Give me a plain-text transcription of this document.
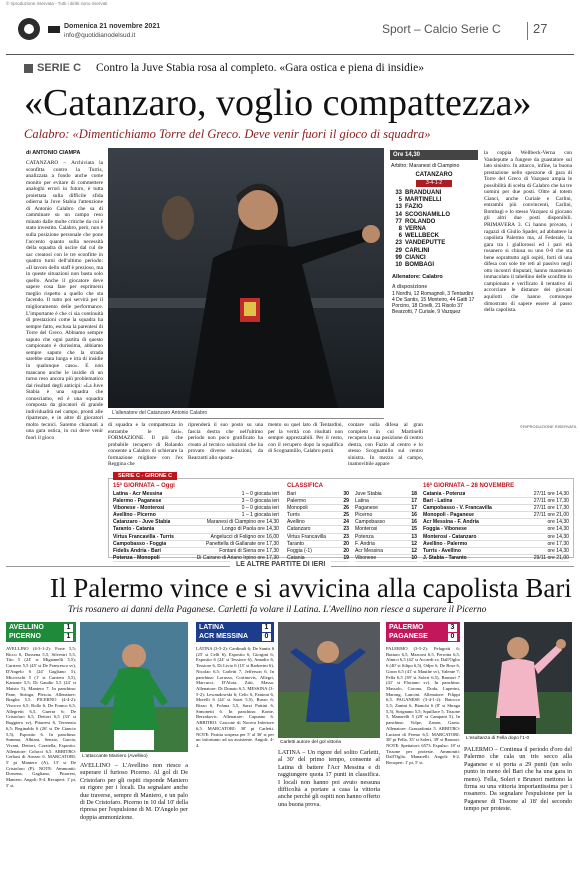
© riproduzione riservata - Tutti i diritti sono riservati
Domenica 21 novembre 2021
info@quotidianodelsud.it	Sport – Calcio Serie C 27
SERIE C Contro la Juve Stabia rosa al completo. «Gara ostica e piena di insidie»
«Catanzaro, voglio compattezza»
Calabro: «Dimentichiamo Torre del Greco. Deve venir fuori il gioco di squadra»
di ANTONIO CIAMPA
CATANZARO – Archiviata la sconfitta contro la Turris, analizzata a fondo anche come monito per evitare di commettere analoghi errori in futuro, è tutta proiettata sulla difficile sfida odierna la Juve Stabia l'attenzione di Antonio Calabro che sa di camminare su un campo reso minato dalle molte critiche da cui è stato investito. Calabro, però, non è sulla posizione personale che pone l'accento quanto sulla necessità della squadra di uscire dal cul de sac creatosi con le tre sconfitte in quattro turni dell'ultimo periodo: «Il lavoro dello staff è prezioso, ma in queste situazioni non basta solo quello. Anche il giocatore deve sapere cosa fare per esprimersi meglio rispetto a quello che sta facendo. Il tutto poi servirà per il miglioramento delle performance. L'importante è che ci sia continuità di prestazioni come la squadra ha sempre fatto, esclusa la parentesi di Torre del Greco. Abbiamo sempre saputo che ogni partita di questo campionato è durissima, abbiamo sempre saputo che la strada sarebbe stata lunga e irta di insidie in qualunque caso». E non mancano anche le insidie di un turno reso ancora più problematico dai risultati degli anticipi: «La Juve Stabia è una squadra che conosciamo, ed è una squadra composta da giocatori di grande individualità nel campo, pronti alle ripartenze, e in altre di giocatori molto tecnici. Saremo chiamati a una gara ostica, in cui deve venir fuori il gioco
L'allenatore del Catanzaro Antonio Calabro
Ore 14,30
Arbitro: Maranesi di Ciampino
CATANZARO
3-4-1-2
33 BRANDUANI
5 MARTINELLI
13 FAZIO
14 SCOGNAMILLO
77 ROLANDO
8 VERNA
6 WELLBECK
23 VANDEPUTTE
29 CARLINI
99 CIANCI
10 BOMBAGI
Allenatore: Calabro
A disposizione
1 Nordhi, 12 Romagnoli, 3 Tentardini 4 De Santis, 15 Monteiro, 44 Gatti 17 Porcino, 18 Cinelli, 21 Risolo 37 Bearzotti, 7 Curiale, 9 Vazquez
la coppia Wellbeck-Verna con Vandeputte a fungere da guastatore sul lato sinistro. In attacco, infine, la buona prestazione nello spezzone di gara di Torre del Greco di Vazquez ampia le possibilità di scelta di Calabro che ha tre uomini per due posti. Oltre al totem Cianci, anche Curiale e Carlini, entrambi più convincenti, Carlini, Bombagi e lo stesso Vazquez si giocano gli altri due posti disponibili. PRIMAVERA 3. Ci hanno provato, i ragazzi di Giulio Spader, ad abbattere la capolista Palermo ma, al Federale, la gara tra i giallorossi ed i pari età rosanero si chiusa su uno 0-0 che sta bene soprattutto agli ospiti, forti di una difesa con sole tre reti al passivo negli otto incontri disputati, hanno mantenuto immacolato il tabellino delle sconfitte in campionato e verificato il tentativo di accorciare le distanze dei giovani aquilotti che hanno comunque dimostrato di sapere essere al passo della capolista.
©RIPRODUZIONE RISERVATA
di squadra e la compattezza in entrambe le fasi». FORMAZIONE. Il più che probabile recupero di Rolando consente a Calabro di schierare la formazione migliore con l'ex Reggina che
riprenderà il suo posto su una fascia destra che nell'ultimo periodo non poco gratificato ha creato al tecnico soluzioni che ha provato diverse soluzioni, da Bearzotti allo sposta-
mento su quel lato di Tentardini, per la verità con risultati non sempre apprezzabili. Per il resto, con il recupero dopo la squalifica di Scognamillo, Calabro potrà
contare sulla difesa al gran completo in cui Martinelli recupera la sua posizione di centro destra, con Fazio al centro e lo stesso Scognamillo sul centro sinistra. In mezzo al campo, inamovibile appare
SERIE C - GIRONE C
15ª GIORNATA – Oggi
Latina - Acr Messina	1 – 0 giocata ieri
Palermo - Paganese	3 – 0 giocata ieri
Vibonese - Monterosi	0 – 0 giocata ieri
Avellino - Picerno	1 – 1 giocata ieri
Catanzaro - Juve Stabia	Maranesi di Ciampino ore 14,30
Taranto - Catania	Longo di Paola ore 14,30
Virtus Francavilla - Turris	Angelucci di Foligno ore 16,00
Campobasso - Foggia	Panettella di Gallarate ore 17,30
Fidelis Andria - Bari	Fontani di Siena ore 17,30
Potenza - Monopoli	Di Cairano di Ariano Irpino ore 17,30
CLASSIFICA
Bari	30
Palermo	29
Monopoli	26
Turris	25
Avellino	24
Catanzaro	23
Virtus Francavilla	23
Taranto	20
Foggia (-1)	20
Catania	19
Juve Stabia	18
Latina	17
Paganese	17
Picerno	16
Campobasso	16
Monterosi	15
Potenza	13
F. Andria	12
Acr Messina	12
Vibonese	10
16ª GIORNATA – 28 NOVEMBRE
Catania - Potenza	27/11 ore 14,30
Bari - Latina	27/11 ore 17,30
Campobasso - V. Francavilla	27/11 ore 17,30
Monopoli - Paganese	27/11 ore 21,00
Acr Messina - F. Andria	ore 14,30
Foggia - Vibonese	ore 14,30
Monterosi - Catanzaro	ore 14,30
Avellino - Palermo	ore 17,30
Turris - Avellino	ore 14,30
J. Stabia - Taranto	29/11 ore 21,00
LE ALTRE PARTITE DI IERI
Il Palermo vince e si avvicina alla capolista Bari
Tris rosanero ai danni della Paganese. Carletti fa volare il Latina. L'Avellino non riesce a superare il Picerno
AVELLINO	1
PICERNO	1
AVELLINO (4-3-1-2): Forte 5,5; Ricco 6, Dossena 5,5, Silvestri 5,5, Tito 5 (24' st Mignanelli 5,5); Carriero 5,5 (45' st De Francesco sv), D'Angelo 6 (24' Gagliano 5), Micovschi 5 (1' st Carriero 5,5), Kanoute 5,5; Di Gaudio 5,5 (24' st Maisto 5), Maniero 7. In panchina: Pane, Stringa, Plescia. Allenatore: Braglia 5,5. PICERNO (4-4-2): Viscovo 6,5; Rollo 6, De Franco 6,5, Allegretti 6,5, Guerra 6; De Cristofaro 6,5, Dettori 6,5 (33' st Ruggiero sv), Pitarresi 6, Terrenzio 6,5; Reginaldo 6 (26' st De Ciancio 5,5), Esposito 6. In panchina: Summa, Albiani, Senzio, Garcia, Vivani, Dettori, Coratella, Esposito. Allenatore: Colucci 6,5. ARBITRO: Cerbasi di Arezzo 6. MARCATORI: 5' pt Maniero (A), 13' st De Cristofaro (P). NOTE: Ammoniti: Dossena, Gagliano, Pitarresi, Maniero. Angoli: 8-4. Recuperi: 1' pt, 5' st.
L'attaccante Maniero (Avellino)
AVELLINO – L'Avellino non riesce a superare il furioso Picerno. Al gol di De Cristofaro per gli ospiti risponde Maniero su rigore per i locali. Da segnalare anche due traverse, sempre di Maniero, e un palo di De Cristofaro. Picerno in 10 dal 10' della ripresa per l'espulsione di M. D'Angelo per doppia ammonizione.
LATINA	1
ACR MESSINA	0
LATINA (3-5-2): Cardinali 6; De Santis 6 (25' st Celli 6), Esposito 6, Giorgini 6; Esposito 6 (24' st Tessiore 6), Amadio 6, Tessiore 6, Di Livio 6 (15' st Barberini 6), Nicolao 6,5; Carletti 7, Jefferson 6. In panchina: Lorusso, Cortinovis, Allegri, Marcucci, D'Aloia, Zitti, Massa. Allenatore: Di Donato 6,5. MESSINA (3-5-2): Lewandowski 6; Celic 6, Fantoni 6, Morelli 6 (24' st Sarzi 5,5), Russo 6; Rizzo 6, Fofana 5,5, Sarzi Puttini 6, Simonetti 6. In panchina: Konte, Berzakovic. Allenatore: Capuano 6. ARBITRO: Cascone di Nocera Inferiore 6,5. MARCATORI: 30' pt Carletti. NOTE: Partita sospesa per 5' al 36' st per un infortunio ad un assistente. Angoli: 4-4.
Carletti autore del gol vittoria
LATINA – Un rigore del solito Carletti, al 30' del primo tempo, consente al Latina di battere l'Acr Messina e di raggiungere quota 17 punti in classifica. I locali non hanno poi avuto nessuna difficoltà a portare a casa la vittoria anche perché gli ospiti non hanno offerto una buona prova.
PALERMO	3
PAGANESE	0
PALERMO (3-5-2): Pelagotti 6; Buttaro 6,5, Marconi 6,5, Perrotta 6,5, Almici 6,5 (42' st Accardi sv, Dall'Oglio 6 (40' st Silipo 6,5), Odjer 6, De Rose 6, Giron 6,5 (41' st Mauthe sv), Valente 7; Fella 6,5 (39' st Soleri 6,5), Brunori 7 (41' st Floriano sv). In panchina: Massolo, Corona, Doda, Luperini, Marong, Lancini. Allenatore: Filippi 6,5. PAGANESE (3-4-1-2): Baiocco 5,5; Zanini 6, Bianchi 6 (8' st Sbraga 5,5), Sirignano 5,5; Squillace 5, Tissone 5, Manarelli 5 (29' st Campani 5). In panchina: Volpe, Zanon, Gaeta. Allenatore: Grassadonia 5. ARBITRO: Luciani di Fermo 6,5. MARCATORI: 38' pt Fella, 35' st Soleri, 39' st Brunori. NOTE: Spettatori: 6573. Espulso: 18' st Tissone per proteste. Ammoniti: Dall'Oglio, Manarelli. Angoli: 6-2. Recuperi: 1' pt, 5' st.
L'esultanza di Fella dopo l'1-0
PALERMO – Continua il periodo d'oro del Palermo che cala un tris secco alla Paganese e si porta a 29 punti (un solo punto in meno del Bari che ha una gara in meno). Fella, Soleri e Brunori mettono la firma su una vittoria importantissima per i rosanero. Da segnalare l'espulsione per la Paganese di Tissone al 18' del secondo tempo per proteste.
